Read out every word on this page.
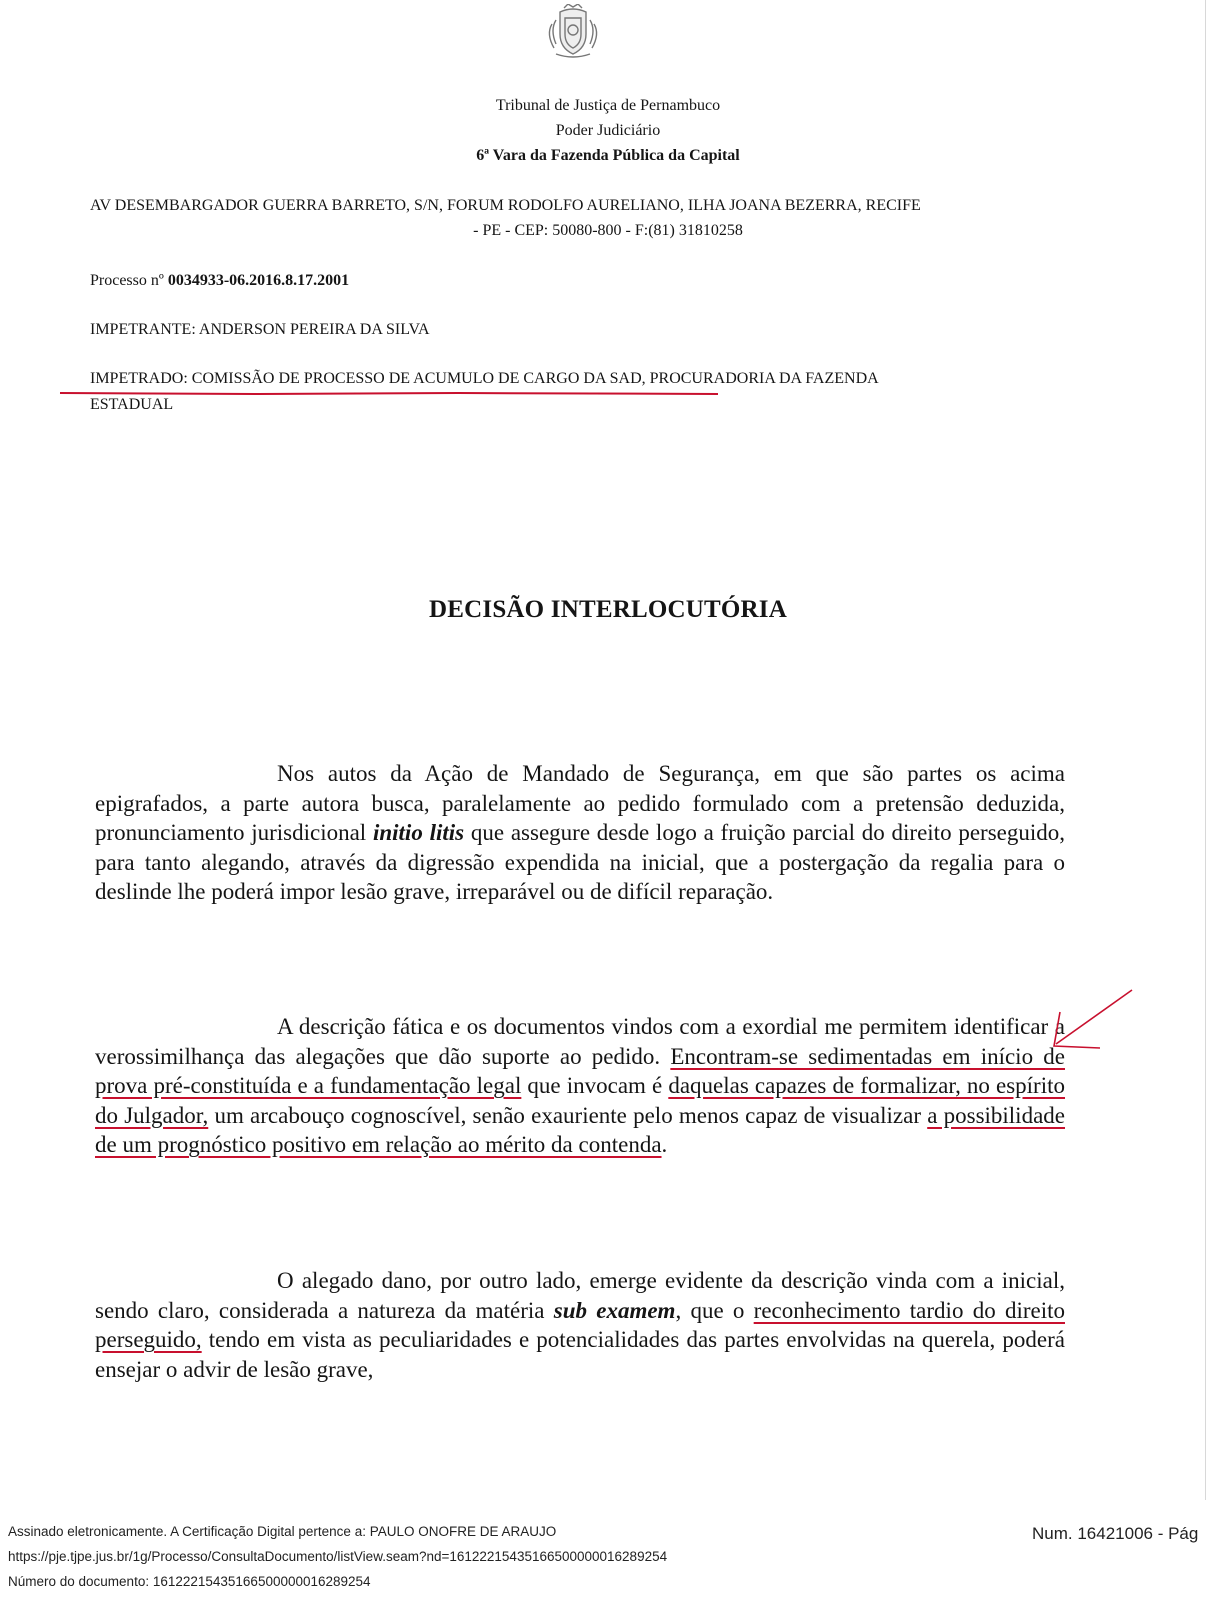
Tribunal de Justiça de Pernambuco
Poder Judiciário
6ª Vara da Fazenda Pública da Capital
AV DESEMBARGADOR GUERRA BARRETO, S/N, FORUM RODOLFO AURELIANO, ILHA JOANA BEZERRA, RECIFE
- PE - CEP: 50080-800 - F:(81) 31810258
Processo nº 0034933-06.2016.8.17.2001
IMPETRANTE: ANDERSON PEREIRA DA SILVA
IMPETRADO: COMISSÃO DE PROCESSO DE ACUMULO DE CARGO DA SAD, PROCURADORIA DA FAZENDA
ESTADUAL
DECISÃO INTERLOCUTÓRIA
Nos autos da Ação de Mandado de Segurança, em que são partes os acima epigrafados, a parte autora busca, paralelamente ao pedido formulado com a pretensão deduzida, pronunciamento jurisdicional initio litis que assegure desde logo a fruição parcial do direito perseguido, para tanto alegando, através da digressão expendida na inicial, que a postergação da regalia para o deslinde lhe poderá impor lesão grave, irreparável ou de difícil reparação.
A descrição fática e os documentos vindos com a exordial me permitem identificar a verossimilhança das alegações que dão suporte ao pedido. Encontram-se sedimentadas em início de prova pré-constituída e a fundamentação legal que invocam é daquelas capazes de formalizar, no espírito do Julgador, um arcabouço cognoscível, senão exauriente pelo menos capaz de visualizar a possibilidade de um prognóstico positivo em relação ao mérito da contenda.
O alegado dano, por outro lado, emerge evidente da descrição vinda com a inicial, sendo claro, considerada a natureza da matéria sub examem, que o reconhecimento tardio do direito perseguido, tendo em vista as peculiaridades e potencialidades das partes envolvidas na querela, poderá ensejar o advir de lesão grave,
Assinado eletronicamente. A Certificação Digital pertence a: PAULO ONOFRE DE ARAUJO
https://pje.tjpe.jus.br/1g/Processo/ConsultaDocumento/listView.seam?nd=16122215435166500000016289254
Número do documento: 16122215435166500000016289254
Num. 16421006 - Pág
